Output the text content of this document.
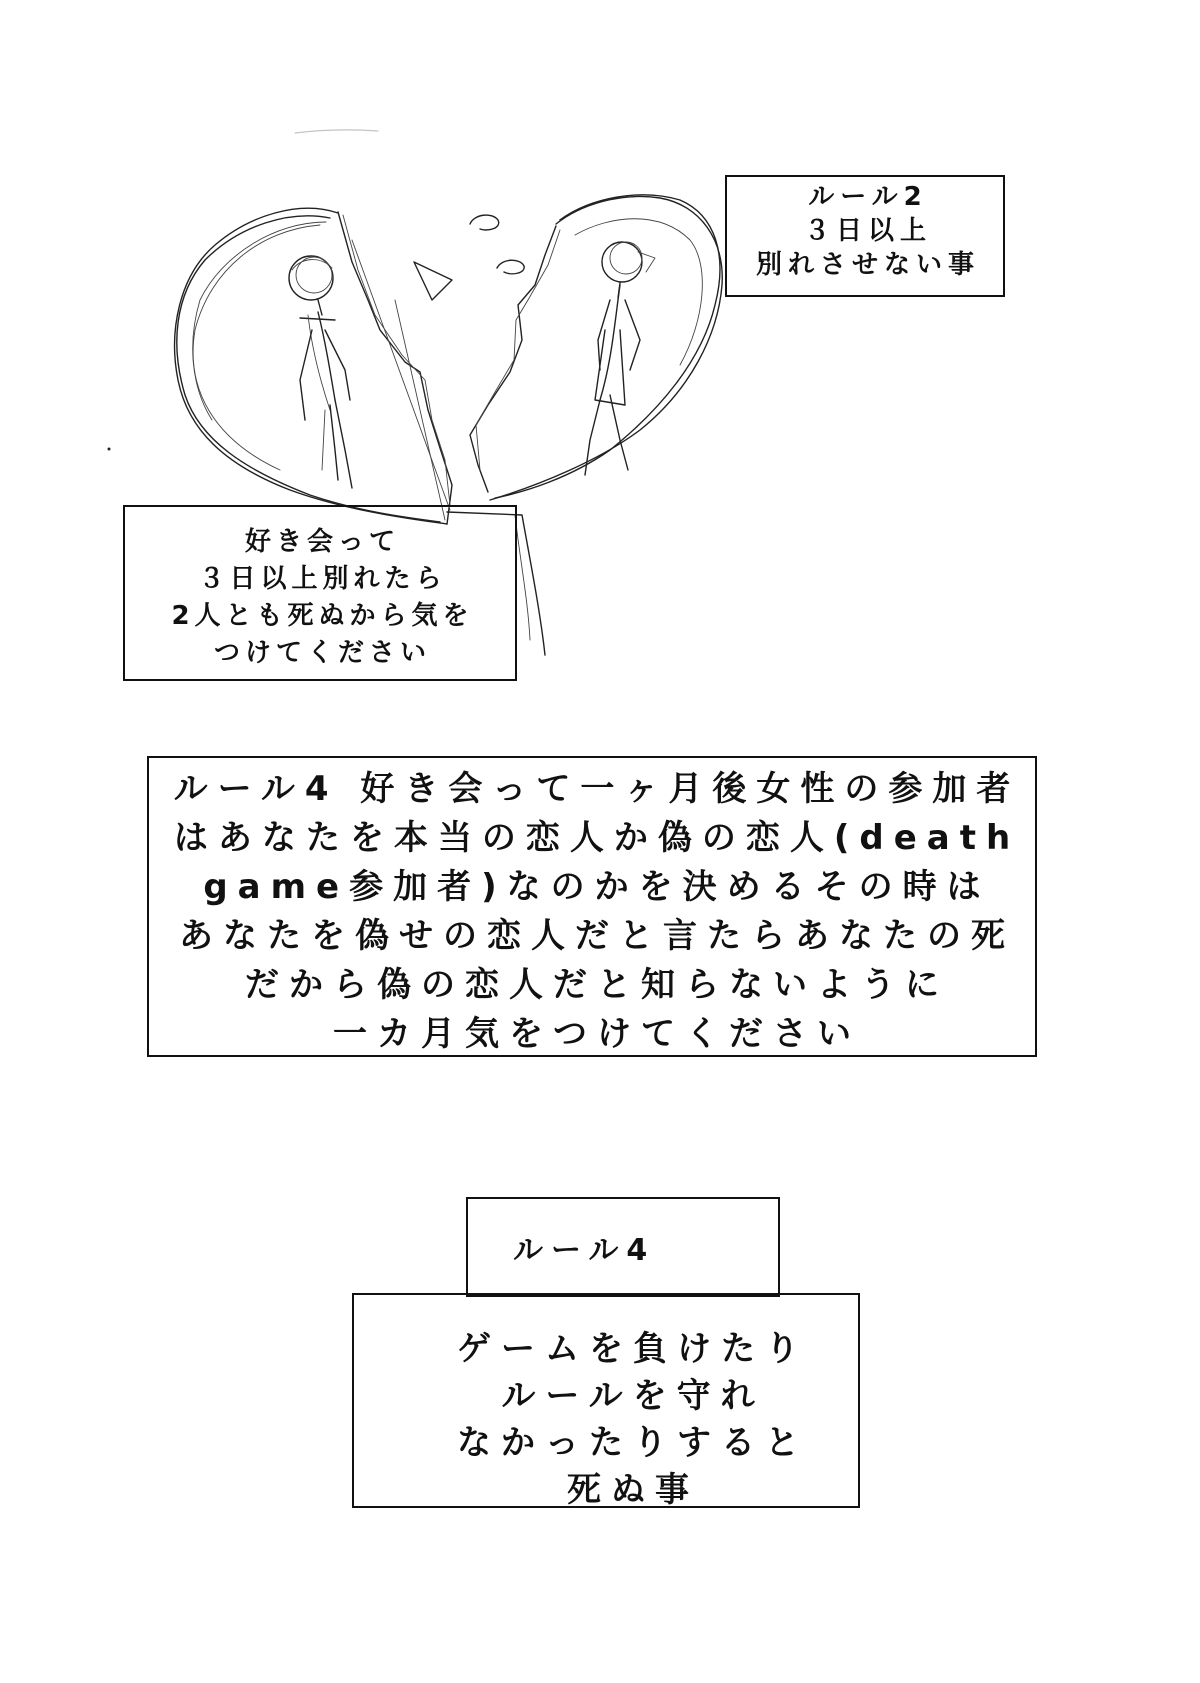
ルール2
３日以上
別れさせない事
好き会って
３日以上別れたら
2人とも死ぬから気を
つけてください
ルール4 好き会って一ヶ月後女性の参加者
はあなたを本当の恋人か偽の恋人(death
game参加者)なのかを決めるその時は
あなたを偽せの恋人だと言たらあなたの死
だから偽の恋人だと知らないように
一カ月気をつけてください
ルール4
ゲームを負けたり
ルールを守れ
なかったりすると
死ぬ事
